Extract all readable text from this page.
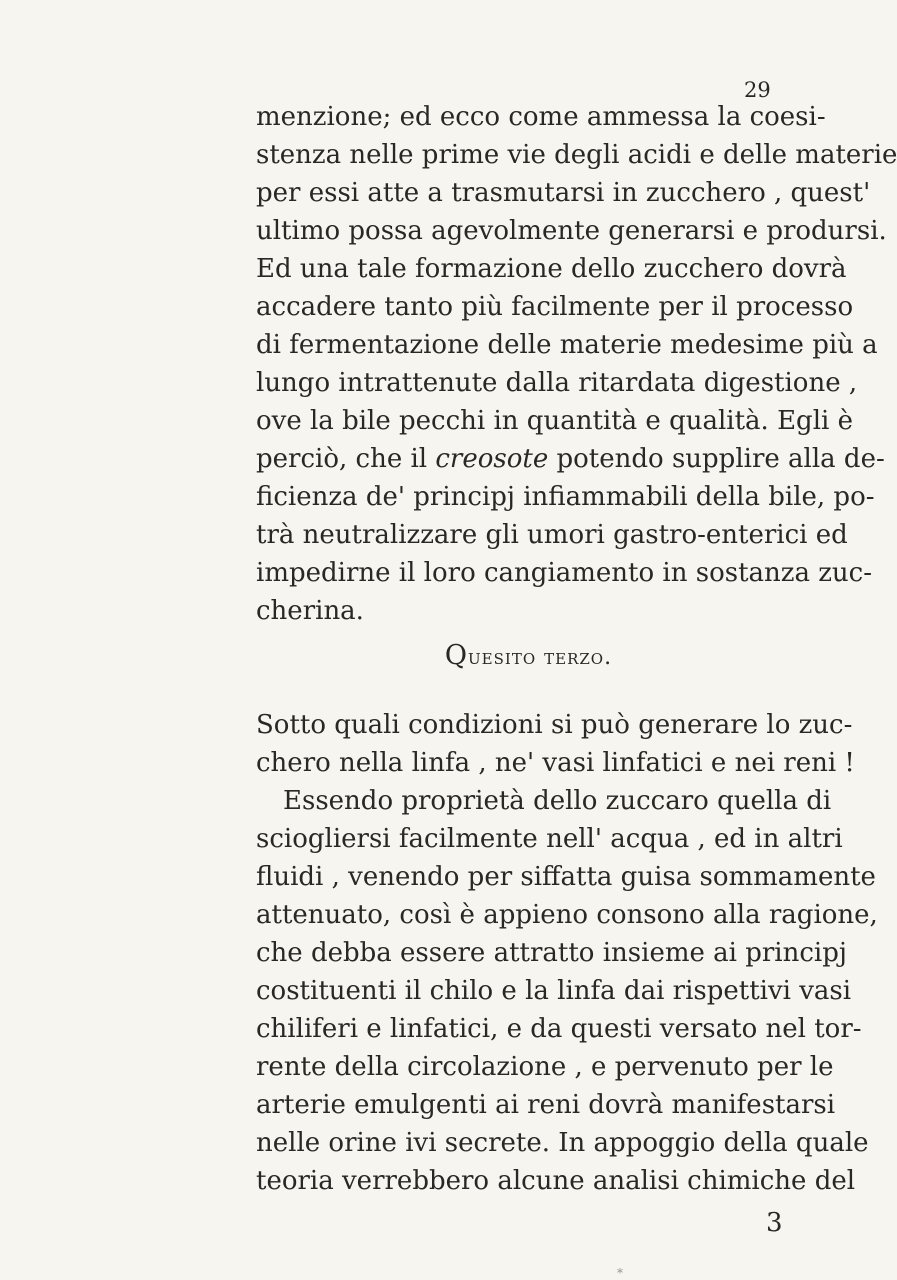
29
menzione; ed ecco come ammessa la coesi-
stenza nelle prime vie degli acidi e delle materie
per essi atte a trasmutarsi in zucchero , quest'
ultimo possa agevolmente generarsi e prodursi.
Ed una tale formazione dello zucchero dovrà
accadere tanto più facilmente per il processo
di fermentazione delle materie medesime più a
lungo intrattenute dalla ritardata digestione ,
ove la bile pecchi in quantità e qualità. Egli è
perciò, che il creosote potendo supplire alla de-
ficienza de' principj infiammabili della bile, po-
trà neutralizzare gli umori gastro-enterici ed
impedirne il loro cangiamento in sostanza zuc-
cherina.
Quesito terzo.
Sotto quali condizioni si può generare lo zuc-
chero nella linfa , ne' vasi linfatici e nei reni !
Essendo proprietà dello zuccaro quella di
sciogliersi facilmente nell' acqua , ed in altri
fluidi , venendo per siffatta guisa sommamente
attenuato, così è appieno consono alla ragione,
che debba essere attratto insieme ai principj
costituenti il chilo e la linfa dai rispettivi vasi
chiliferi e linfatici, e da questi versato nel tor-
rente della circolazione , e pervenuto per le
arterie emulgenti ai reni dovrà manifestarsi
nelle orine ivi secrete. In appoggio della quale
teoria verrebbero alcune analisi chimiche del
3
*
